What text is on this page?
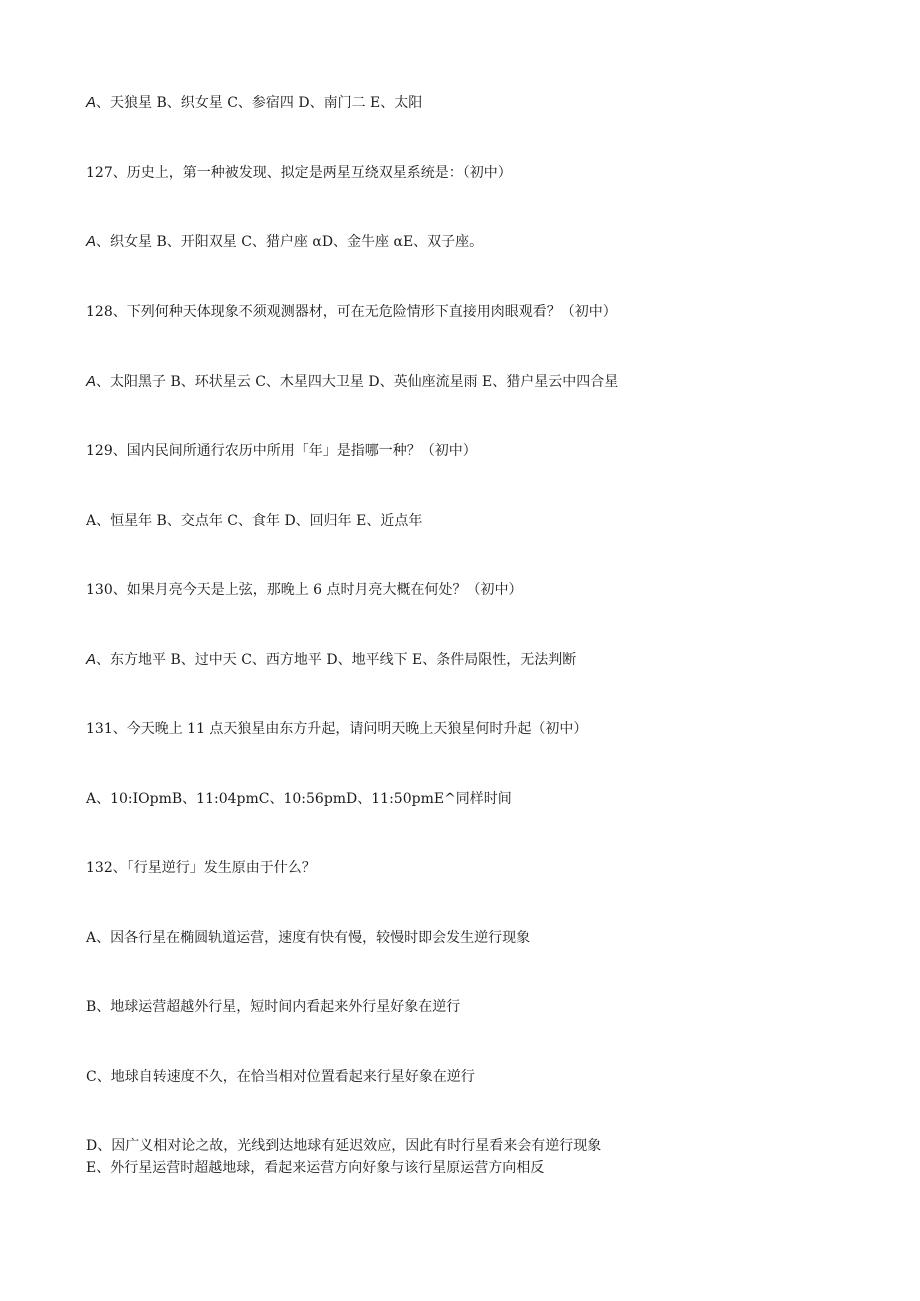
A、天狼星 B、织女星 C、参宿四 D、南门二 E、太阳
127、历史上，第一种被发现、拟定是两星互绕双星系统是：（初中）
A、织女星 B、开阳双星 C、猎户座 αD、金牛座 αE、双子座。
128、下列何种天体现象不须观测器材，可在无危险情形下直接用肉眼观看？（初中）
A、太阳黑子 B、环状星云 C、木星四大卫星 D、英仙座流星雨 E、猎户星云中四合星
129、国内民间所通行农历中所用「年」是指哪一种？（初中）
A、恒星年 B、交点年 C、食年 D、回归年 E、近点年
130、如果月亮今天是上弦，那晚上 6 点时月亮大概在何处？（初中）
A、东方地平 B、过中天 C、西方地平 D、地平线下 E、条件局限性，无法判断
131、今天晚上 11 点天狼星由东方升起，请问明天晚上天狼星何时升起（初中）
A、10:IOpmB、11:04pmC、10:56pmD、11:50pmE^同样时间
132、「行星逆行」发生原由于什么？
A、因各行星在椭圆轨道运营，速度有快有慢，较慢时即会发生逆行现象
B、地球运营超越外行星，短时间内看起来外行星好象在逆行
C、地球自转速度不久，在恰当相对位置看起来行星好象在逆行
D、因广义相对论之故，光线到达地球有延迟效应，因此有时行星看来会有逆行现象
E、外行星运营时超越地球，看起来运营方向好象与该行星原运营方向相反
